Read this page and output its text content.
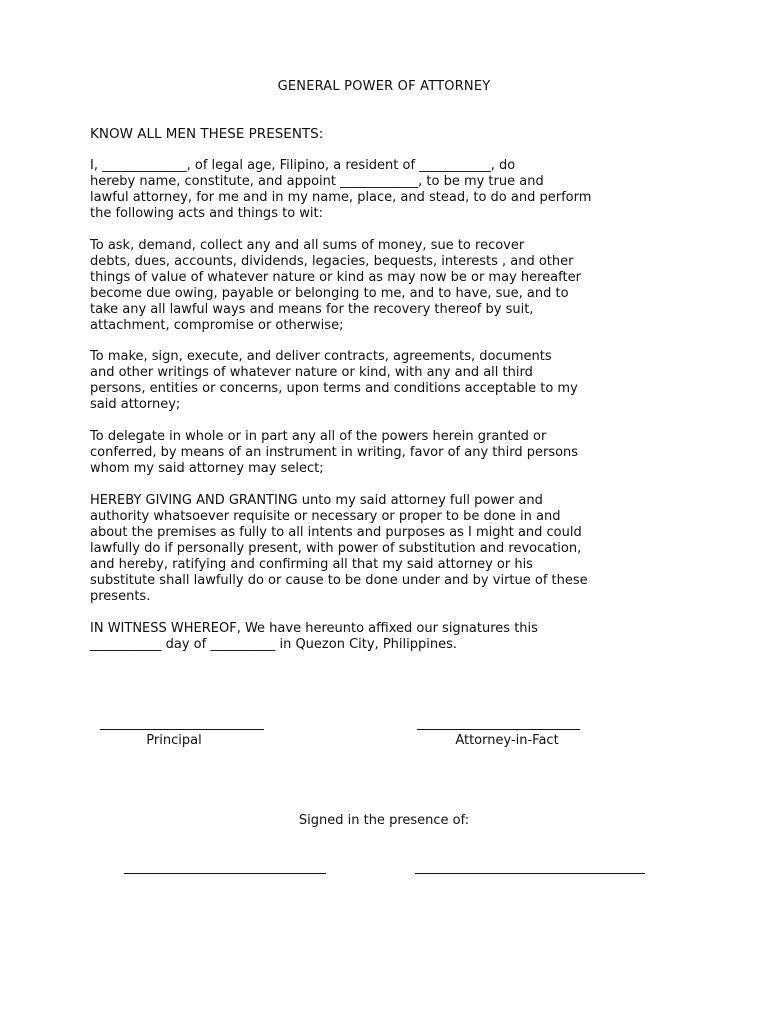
GENERAL POWER OF ATTORNEY
KNOW ALL MEN THESE PRESENTS:
I, _____________, of legal age, Filipino, a resident of ___________, do
hereby name, constitute, and appoint ____________, to be my true and
lawful attorney, for me and in my name, place, and stead, to do and perform
the following acts and things to wit:
To ask, demand, collect any and all sums of money, sue to recover
debts, dues, accounts, dividends, legacies, bequests, interests , and other
things of value of whatever nature or kind as may now be or may hereafter
become due owing, payable or belonging to me, and to have, sue, and to
take any all lawful ways and means for the recovery thereof by suit,
attachment, compromise or otherwise;
To make, sign, execute, and deliver contracts, agreements, documents
and other writings of whatever nature or kind, with any and all third
persons, entities or concerns, upon terms and conditions acceptable to my
said attorney;
To delegate in whole or in part any all of the powers herein granted or
conferred, by means of an instrument in writing, favor of any third persons
whom my said attorney may select;
HEREBY GIVING AND GRANTING unto my said attorney full power and
authority whatsoever requisite or necessary or proper to be done in and
about the premises as fully to all intents and purposes as I might and could
lawfully do if personally present, with power of substitution and revocation,
and hereby, ratifying and confirming all that my said attorney or his
substitute shall lawfully do or cause to be done under and by virtue of these
presents.
IN WITNESS WHEREOF, We have hereunto affixed our signatures this
___________ day of __________ in Quezon City, Philippines.
Principal	Attorney-in-Fact
Signed in the presence of:
